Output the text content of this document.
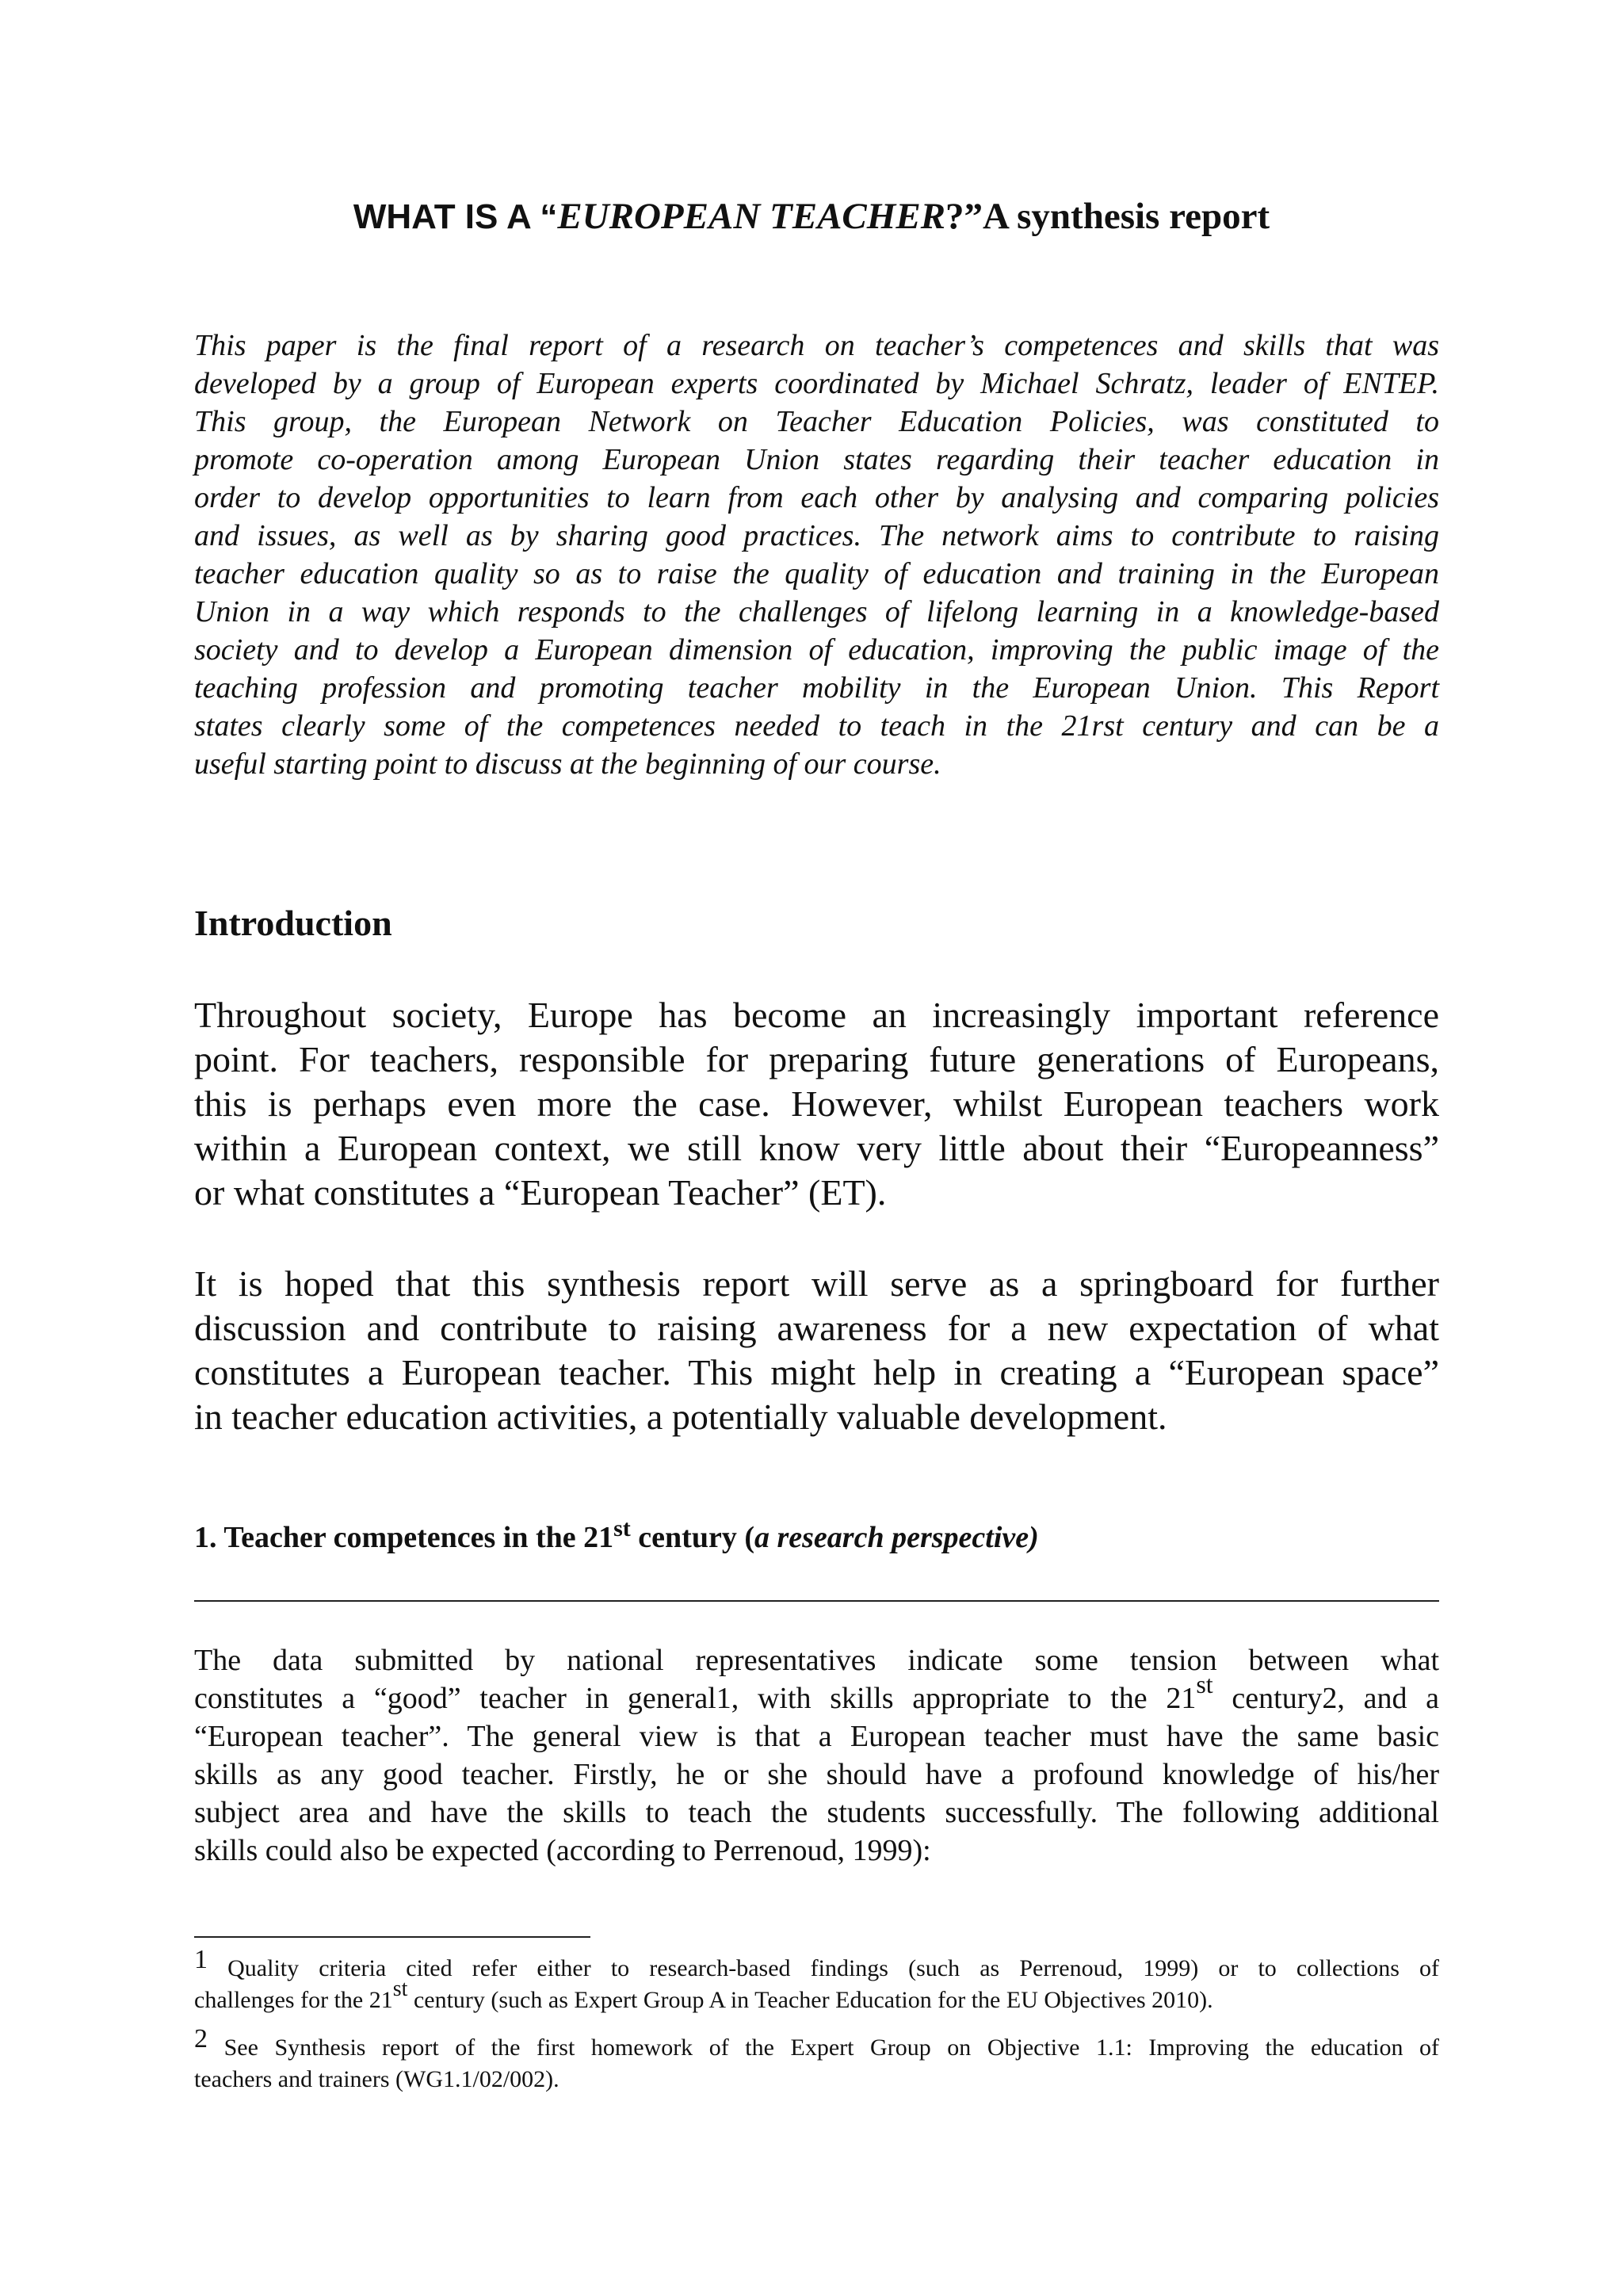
WHAT IS A “EUROPEAN TEACHER?”A synthesis report
This paper is the final report of a research on teacher’s competences and skills that was
developed by a group of European experts coordinated by Michael Schratz, leader of ENTEP.
This group, the European Network on Teacher Education Policies, was constituted to
promote co-operation among European Union states regarding their teacher education in
order to develop opportunities to learn from each other by analysing and comparing policies
and issues, as well as by sharing good practices. The network aims to contribute to raising
teacher education quality so as to raise the quality of education and training in the European
Union in a way which responds to the challenges of lifelong learning in a knowledge-based
society and to develop a European dimension of education, improving the public image of the
teaching profession and promoting teacher mobility in the European Union. This Report
states clearly some of the competences needed to teach in the 21rst century and can be a
useful starting point to discuss at the beginning of our course.
Introduction
Throughout society, Europe has become an increasingly important reference
point. For teachers, responsible for preparing future generations of Europeans,
this is perhaps even more the case. However, whilst European teachers work
within a European context, we still know very little about their “Europeanness”
or what constitutes a “European Teacher” (ET).
It is hoped that this synthesis report will serve as a springboard for further
discussion and contribute to raising awareness for a new expectation of what
constitutes a European teacher. This might help in creating a “European space”
in teacher education activities, a potentially valuable development.
1. Teacher competences in the 21st century (a research perspective)
The data submitted by national representatives indicate some tension between what
constitutes a “good” teacher in general1, with skills appropriate to the 21st century2, and a
“European teacher”. The general view is that a European teacher must have the same basic
skills as any good teacher. Firstly, he or she should have a profound knowledge of his/her
subject area and have the skills to teach the students successfully. The following additional
skills could also be expected (according to Perrenoud, 1999):
1 Quality criteria cited refer either to research-based findings (such as Perrenoud, 1999) or to collections of
challenges for the 21st century (such as Expert Group A in Teacher Education for the EU Objectives 2010).
2 See Synthesis report of the first homework of the Expert Group on Objective 1.1: Improving the education of
teachers and trainers (WG1.1/02/002).
